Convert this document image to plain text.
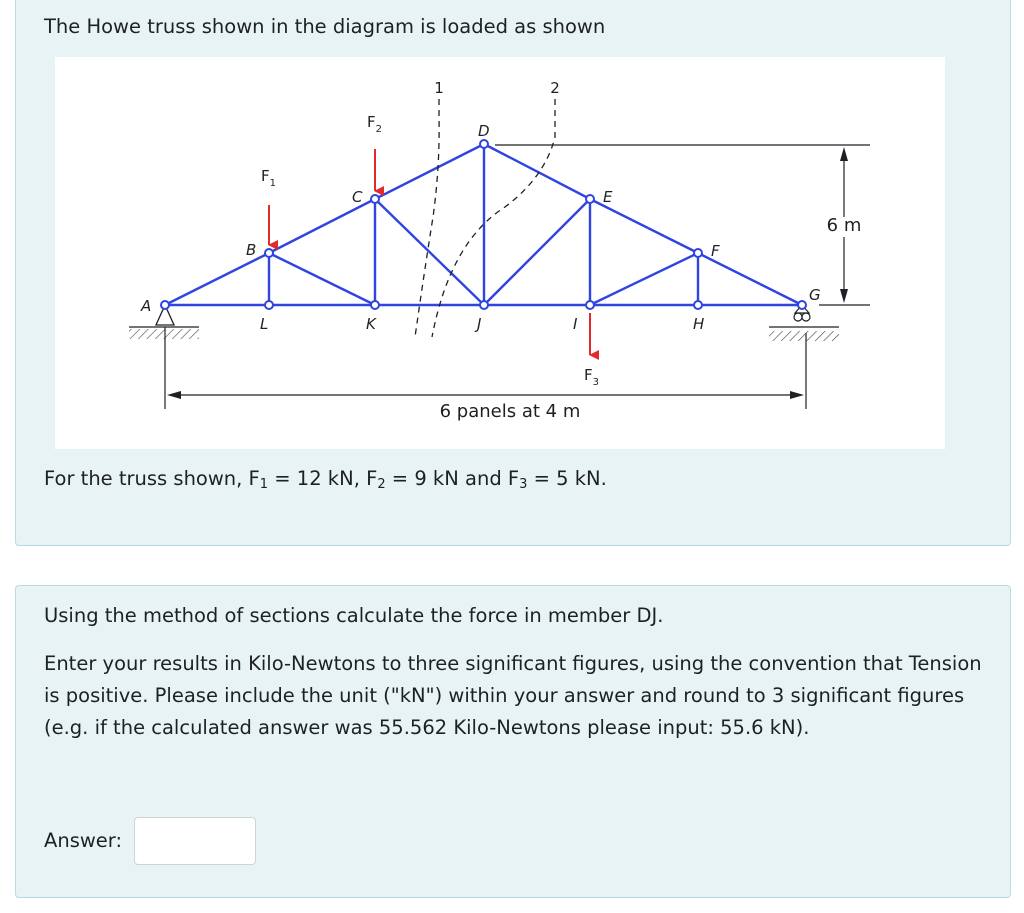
The Howe truss shown in the diagram is loaded as shown

6 m
6 panels at 4 m
1	2
$F_1$
$F_2$
$F_3$
A
B
C
D
E
F
G
L	K	J	I	H

For the truss shown, $F_1 = 12$ kN, $F_2 = 9$ kN and $F_3 = 5$ kN.

Using the method of sections calculate the force in member DJ.

Enter your results in Kilo-Newtons to three significant figures, using the convention that Tension is positive. Please include the unit ("kN") within your answer and round to 3 significant figures (e.g. if the calculated answer was 55.562 Kilo-Newtons please input: 55.6 kN).

Answer:
